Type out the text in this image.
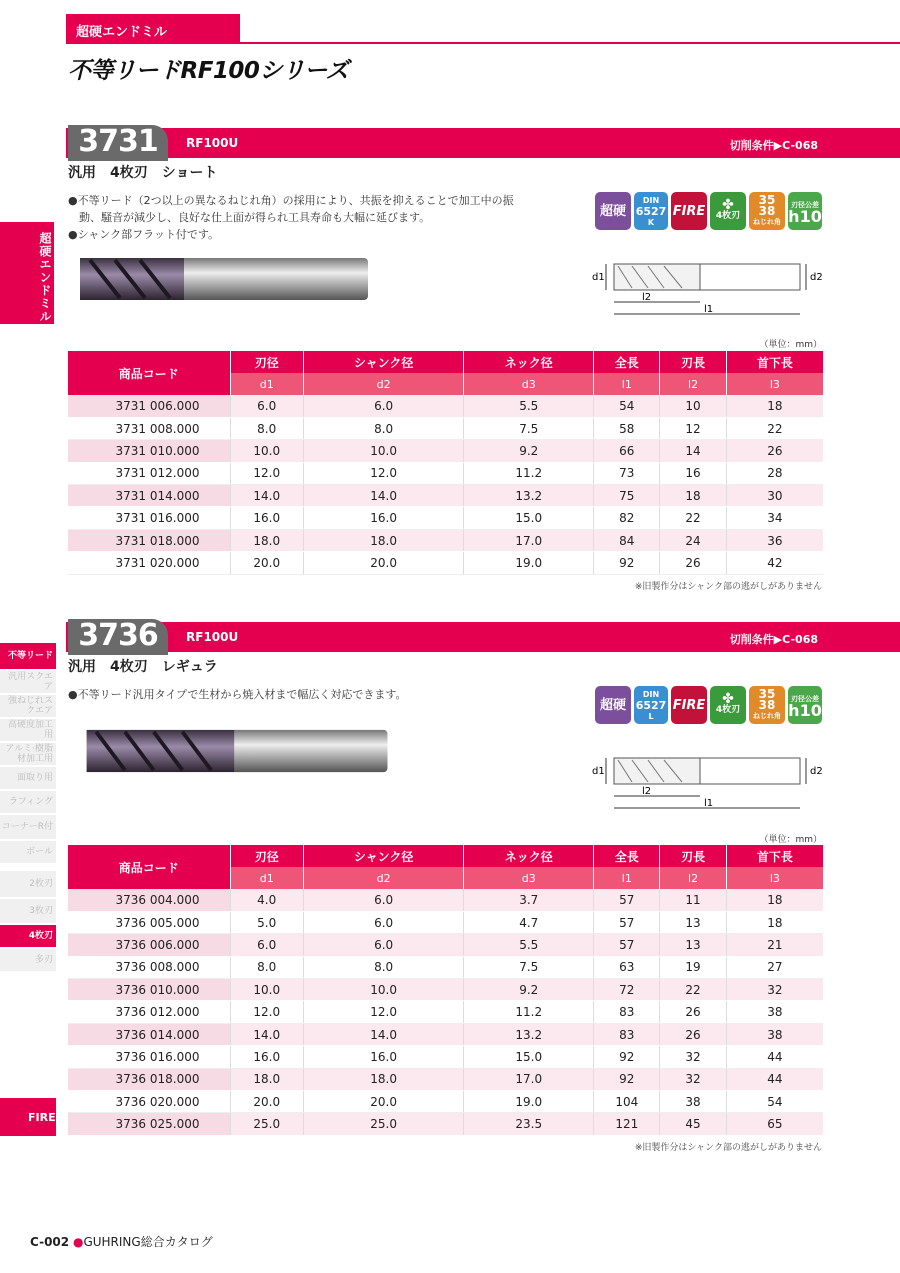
超硬エンドミル
不等リードRF100シリーズ
超硬エンドミル
3731	RF100U	切削条件▶C-068
汎用　4枚刃　ショート
●不等リード（2つ以上の異なるねじれ角）の採用により、共振を抑えることで加工中の振
　動、騒音が減少し、良好な仕上面が得られ工具寿命も大幅に延びます。
●シャンク部フラット付です。
超硬
DIN
6527
K
FIRE ✤
4枚刃
35 38
ねじれ角
刃径公差
h10
d1	d2
l2
l1
（単位：mm）
商品コード	刃径	シャンク径	ネック径	全長	刃長	首下長
	d1	d2	d3	l1	l2	l3
3731 006.000	6.0	6.0	5.5	54	10	18
3731 008.000	8.0	8.0	7.5	58	12	22
3731 010.000	10.0	10.0	9.2	66	14	26
3731 012.000	12.0	12.0	11.2	73	16	28
3731 014.000	14.0	14.0	13.2	75	18	30
3731 016.000	16.0	16.0	15.0	82	22	34
3731 018.000	18.0	18.0	17.0	84	24	36
3731 020.000	20.0	20.0	19.0	92	26	42
※旧製作分はシャンク部の逃がしがありません
3736	RF100U	切削条件▶C-068
汎用　4枚刃　レギュラ
●不等リード汎用タイプで生材から焼入材まで幅広く対応できます。
超硬
DIN
6527
L
FIRE ✤
4枚刃
35 38
ねじれ角
刃径公差
h10
d1	d2
l2
l1
（単位：mm）
商品コード	刃径	シャンク径	ネック径	全長	刃長	首下長
	d1	d2	d3	l1	l2	l3
3736 004.000	4.0	6.0	3.7	57	11	18
3736 005.000	5.0	6.0	4.7	57	13	18
3736 006.000	6.0	6.0	5.5	57	13	21
3736 008.000	8.0	8.0	7.5	63	19	27
3736 010.000	10.0	10.0	9.2	72	22	32
3736 012.000	12.0	12.0	11.2	83	26	38
3736 014.000	14.0	14.0	13.2	83	26	38
3736 016.000	16.0	16.0	15.0	92	32	44
3736 018.000	18.0	18.0	17.0	92	32	44
3736 020.000	20.0	20.0	19.0	104	38	54
3736 025.000	25.0	25.0	23.5	121	45	65
※旧製作分はシャンク部の逃がしがありません
不等リード
汎用スクエア
強ねじれスクエア
高硬度加工用
アルミ·樹脂材加工用
面取り用
ラフィング
コーナーR付
ボール
2枚刃
3枚刃
4枚刃
多刃
FIRE
C-002 ●GUHRING総合カタログ
